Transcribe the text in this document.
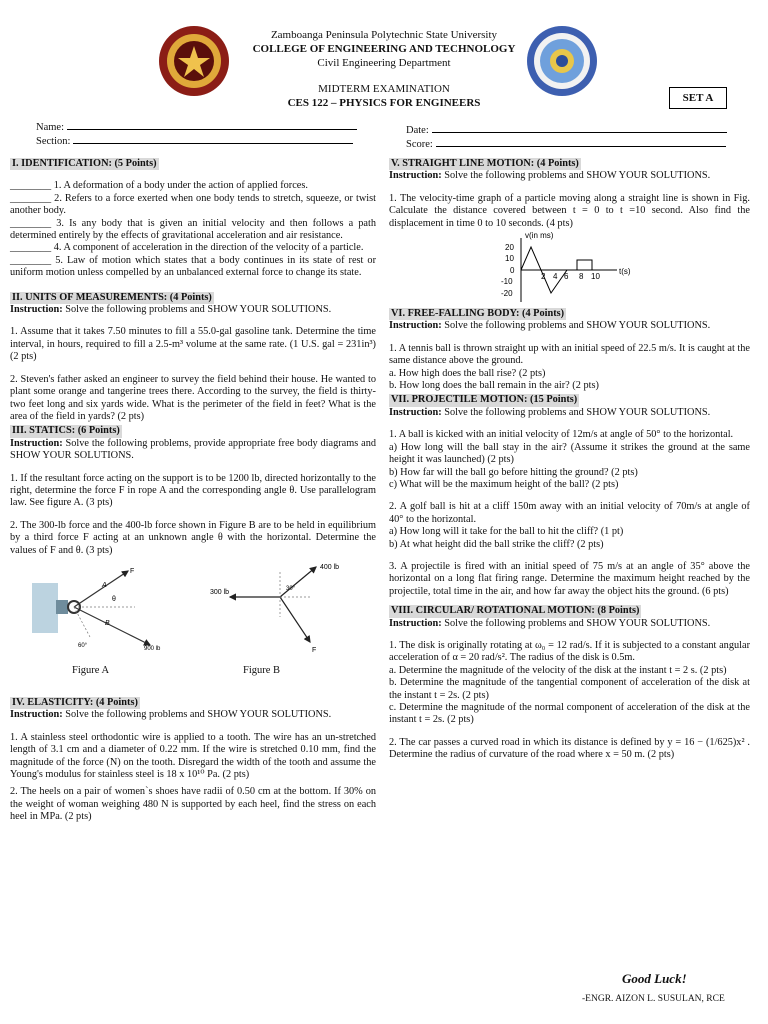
Zamboanga Peninsula Polytechnic State University
COLLEGE OF ENGINEERING AND TECHNOLOGY
Civil Engineering Department
MIDTERM EXAMINATION
CES 122 – PHYSICS FOR ENGINEERS	SET A
Name:
Section:
Date:
Score:
I. IDENTIFICATION: (5 Points)
________ 1. A deformation of a body under the action of applied forces.
________ 2. Refers to a force exerted when one body tends to stretch, squeeze, or twist another body.
________ 3. Is any body that is given an initial velocity and then follows a path determined entirely by the effects of gravitational acceleration and air resistance.
________ 4. A component of acceleration in the direction of the velocity of a particle.
________ 5. Law of motion which states that a body continues in its state of rest or uniform motion unless compelled by an unbalanced external force to change its state.
II. UNITS OF MEASUREMENTS: (4 Points)
Instruction: Solve the following problems and SHOW YOUR SOLUTIONS.
1. Assume that it takes 7.50 minutes to fill a 55.0-gal gasoline tank. Determine the time interval, in hours, required to fill a 2.5-m³ volume at the same rate. (1 U.S. gal = 231in³) (2 pts)
2. Steven's father asked an engineer to survey the field behind their house. He wanted to plant some orange and tangerine trees there. According to the survey, the field is thirty-two feet long and six yards wide. What is the perimeter of the field in feet? What is the area of the field in yards? (2 pts)
III. STATICS: (6 Points)
Instruction: Solve the following problems, provide appropriate free body diagrams and SHOW YOUR SOLUTIONS.
1. If the resultant force acting on the support is to be 1200 lb, directed horizontally to the right, determine the force F in rope A and the corresponding angle θ. Use parallelogram law. See figure A. (3 pts)
2. The 300-lb force and the 400-lb force shown in Figure B are to be held in equilibrium by a third force F acting at an unknown angle θ with the horizontal. Determine the values of F and θ. (3 pts)
F
A
θ
B
60°	900 lb
Figure A
300 lb
400 lb
30°
F
Figure B
IV. ELASTICITY: (4 Points)
Instruction: Solve the following problems and SHOW YOUR SOLUTIONS.
1. A stainless steel orthodontic wire is applied to a tooth. The wire has an un-stretched length of 3.1 cm and a diameter of 0.22 mm. If the wire is stretched 0.10 mm, find the magnitude of the force (N) on the tooth. Disregard the width of the tooth and assume the Young's modulus for stainless steel is 18 x 10¹⁰ Pa. (2 pts)
2. The heels on a pair of women`s shoes have radii of 0.50 cm at the bottom. If 30% on the weight of woman weighing 480 N is supported by each heel, find the stress on each heel in MPa. (2 pts)
V. STRAIGHT LINE MOTION: (4 Points)
Instruction: Solve the following problems and SHOW YOUR SOLUTIONS.
1. The velocity-time graph of a particle moving along a straight line is shown in Fig. Calculate the distance covered between t = 0 to t =10 second. Also find the displacement in time 0 to 10 seconds. (4 pts)
v(in ms)
t(s)
20
10
0
-10
-20
2 4 6 8 10
VI. FREE-FALLING BODY: (4 Points)
Instruction: Solve the following problems and SHOW YOUR SOLUTIONS.
1. A tennis ball is thrown straight up with an initial speed of 22.5 m/s. It is caught at the same distance above the ground.
a. How high does the ball rise? (2 pts)
b. How long does the ball remain in the air? (2 pts)
VII. PROJECTILE MOTION: (15 Points)
Instruction: Solve the following problems and SHOW YOUR SOLUTIONS.
1. A ball is kicked with an initial velocity of 12m/s at angle of 50° to the horizontal.
a) How long will the ball stay in the air? (Assume it strikes the ground at the same height it was launched) (2 pts)
b) How far will the ball go before hitting the ground? (2 pts)
c) What will be the maximum height of the ball? (2 pts)
2. A golf ball is hit at a cliff 150m away with an initial velocity of 70m/s at angle of 40° to the horizontal.
a) How long will it take for the ball to hit the cliff? (1 pt)
b) At what height did the ball strike the cliff? (2 pts)
3. A projectile is fired with an initial speed of 75 m/s at an angle of 35° above the horizontal on a long flat firing range. Determine the maximum height reached by the projectile, total time in the air, and how far away the object hits the ground. (6 pts)
VIII. CIRCULAR/ ROTATIONAL MOTION: (8 Points)
Instruction: Solve the following problems and SHOW YOUR SOLUTIONS.
1. The disk is originally rotating at ω₀ = 12 rad/s. If it is subjected to a constant angular acceleration of α = 20 rad/s². The radius of the disk is 0.5m.
a. Determine the magnitude of the velocity of the disk at the instant t = 2 s. (2 pts)
b. Determine the magnitude of the tangential component of acceleration of the disk at the instant t = 2s. (2 pts)
c. Determine the magnitude of the normal component of acceleration of the disk at the instant t = 2s. (2 pts)
2. The car passes a curved road in which its distance is defined by y = 16 − (1/625)x² . Determine the radius of curvature of the road where x = 50 m. (2 pts)
Good Luck!
-ENGR. AIZON L. SUSULAN, RCE
